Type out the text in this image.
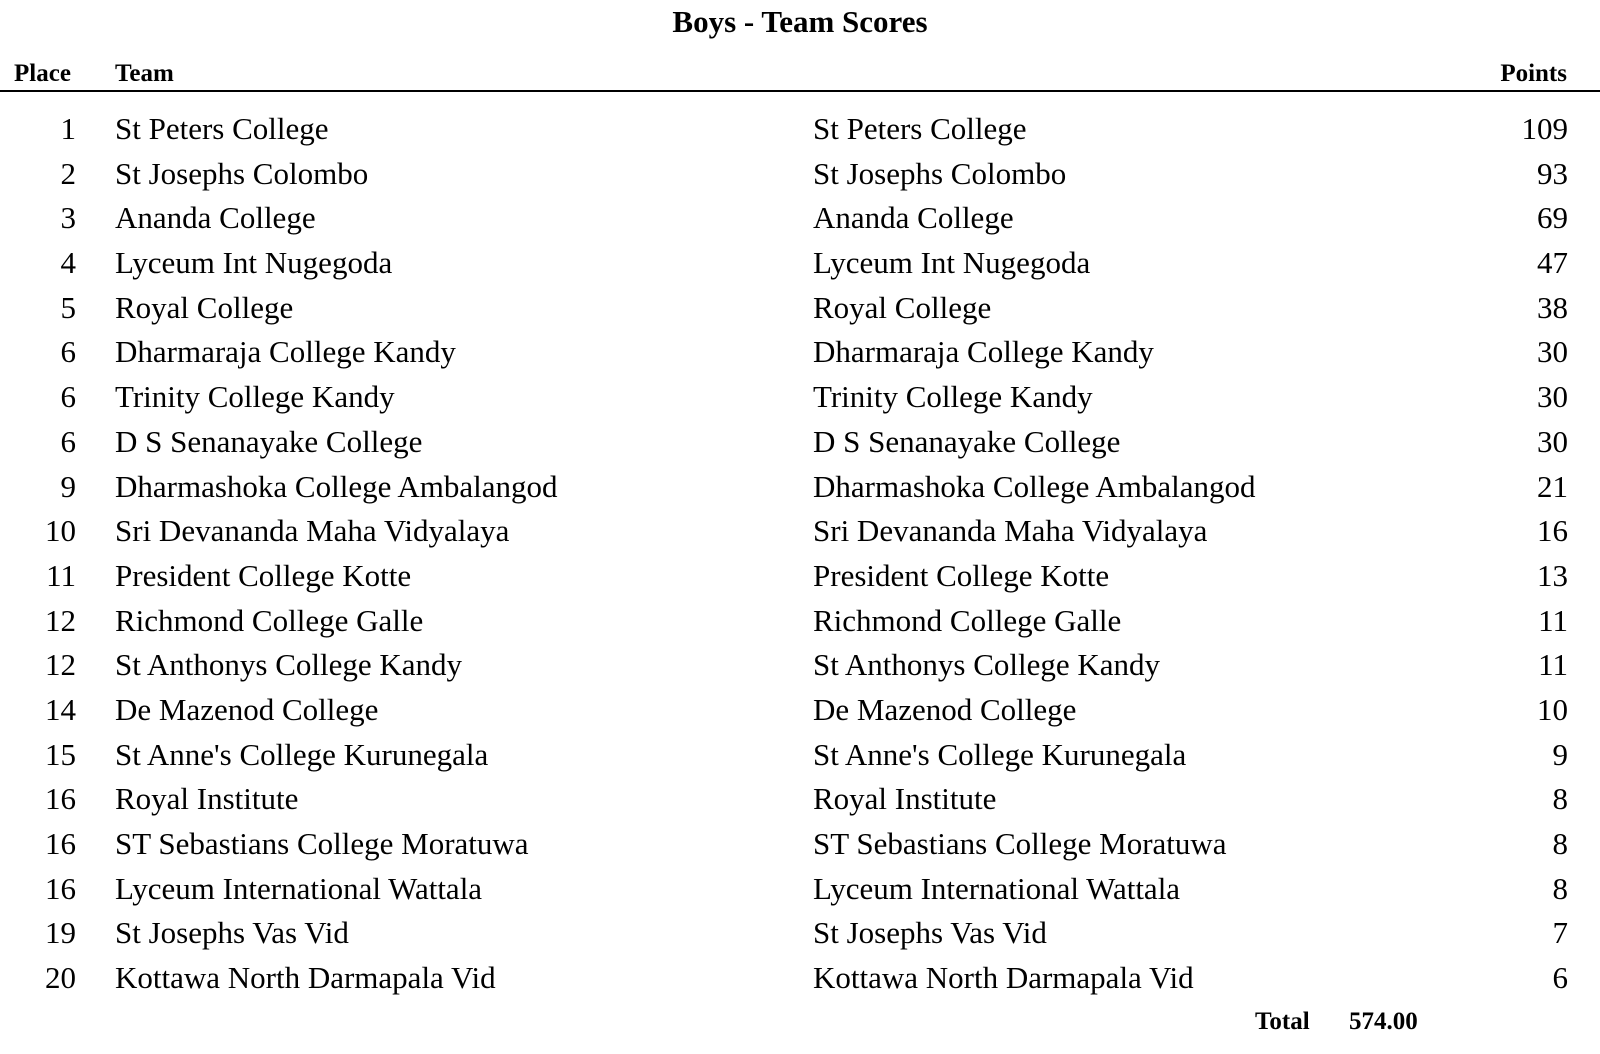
Boys - Team Scores
Place Team	Points
1 St Peters College	St Peters College	109
2 St Josephs Colombo	St Josephs Colombo	93
3 Ananda College	Ananda College	69
4 Lyceum Int Nugegoda	Lyceum Int Nugegoda	47
5 Royal College	Royal College	38
6 Dharmaraja College Kandy	Dharmaraja College Kandy	30
6 Trinity College Kandy	Trinity College Kandy	30
6 D S Senanayake College	D S Senanayake College	30
9 Dharmashoka College Ambalangod	Dharmashoka College Ambalangod	21
10 Sri Devananda Maha Vidyalaya	Sri Devananda Maha Vidyalaya	16
11 President College Kotte	President College Kotte	13
12 Richmond College Galle	Richmond College Galle	11
12 St Anthonys College Kandy	St Anthonys College Kandy	11
14 De Mazenod College	De Mazenod College	10
15 St Anne's College Kurunegala	St Anne's College Kurunegala	9
16 Royal Institute	Royal Institute	8
16 ST Sebastians College Moratuwa	ST Sebastians College Moratuwa	8
16 Lyceum International Wattala	Lyceum International Wattala	8
19 St Josephs Vas Vid	St Josephs Vas Vid	7
20 Kottawa North Darmapala Vid	Kottawa North Darmapala Vid	6
Total 574.00
